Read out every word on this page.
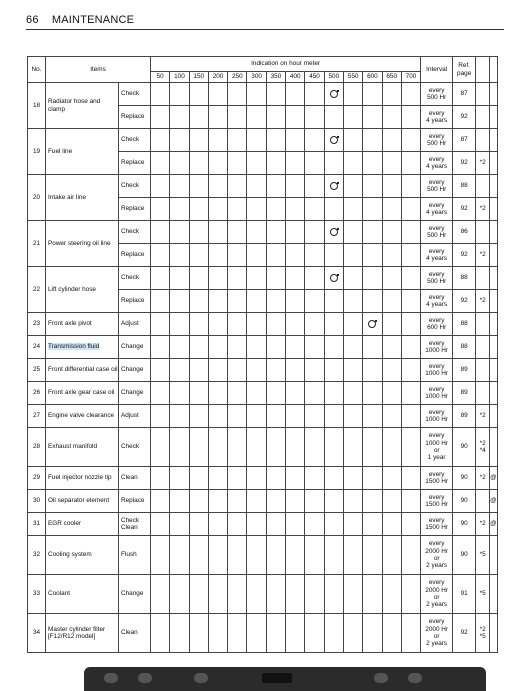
66 MAINTENANCE
No.	Items		Indication on hour meter														Interval	Ref. page		
			50	100	150	200	250	300	350	400	450	500	550	600	650	700				
18	Radiator hose and clamp	Check															every
500 Hr	87		
		Replace															every
4 years	92		
19	Fuel line	Check															every
500 Hr	87		
		Replace															every
4 years	92	*2	
20	Intake air line	Check															every
500 Hr	88		
		Replace															every
4 years	92	*2	
21	Power steering oil line	Check															every
500 Hr	86		
		Replace															every
4 years	92	*2	
22	Lift cylinder hose	Check															every
500 Hr	88		
		Replace															every
4 years	92	*2	
23	Front axle pivot	Adjust															every
600 Hr	88		
24	Transmission fluid	Change															every
1000 Hr	88		
25	Front differential case oil	Change															every
1000 Hr	89		
26	Front axle gear case oil	Change															every
1000 Hr	89		
27	Engine valve clearance	Adjust															every
1000 Hr	89	*2	
28	Exhaust manifold	Check															every
1000 Hr
or
1 year	90	*2 *4	
29	Fuel injector nozzle tip	Clean															every
1500 Hr	90	*2	@
30	Oil separator element	Replace															every
1500 Hr	90		@
31	EGR cooler	Check Clean															every
1500 Hr	90	*2	@
32	Cooling system	Flush															every
2000 Hr
or
2 years	90	*5	
33	Coolant	Change															every
2000 Hr
or
2 years	91	*5	
34	Master cylinder filter [F12/R12 model]	Clean															every
2000 Hr
or
2 years	92	*2 *5	
